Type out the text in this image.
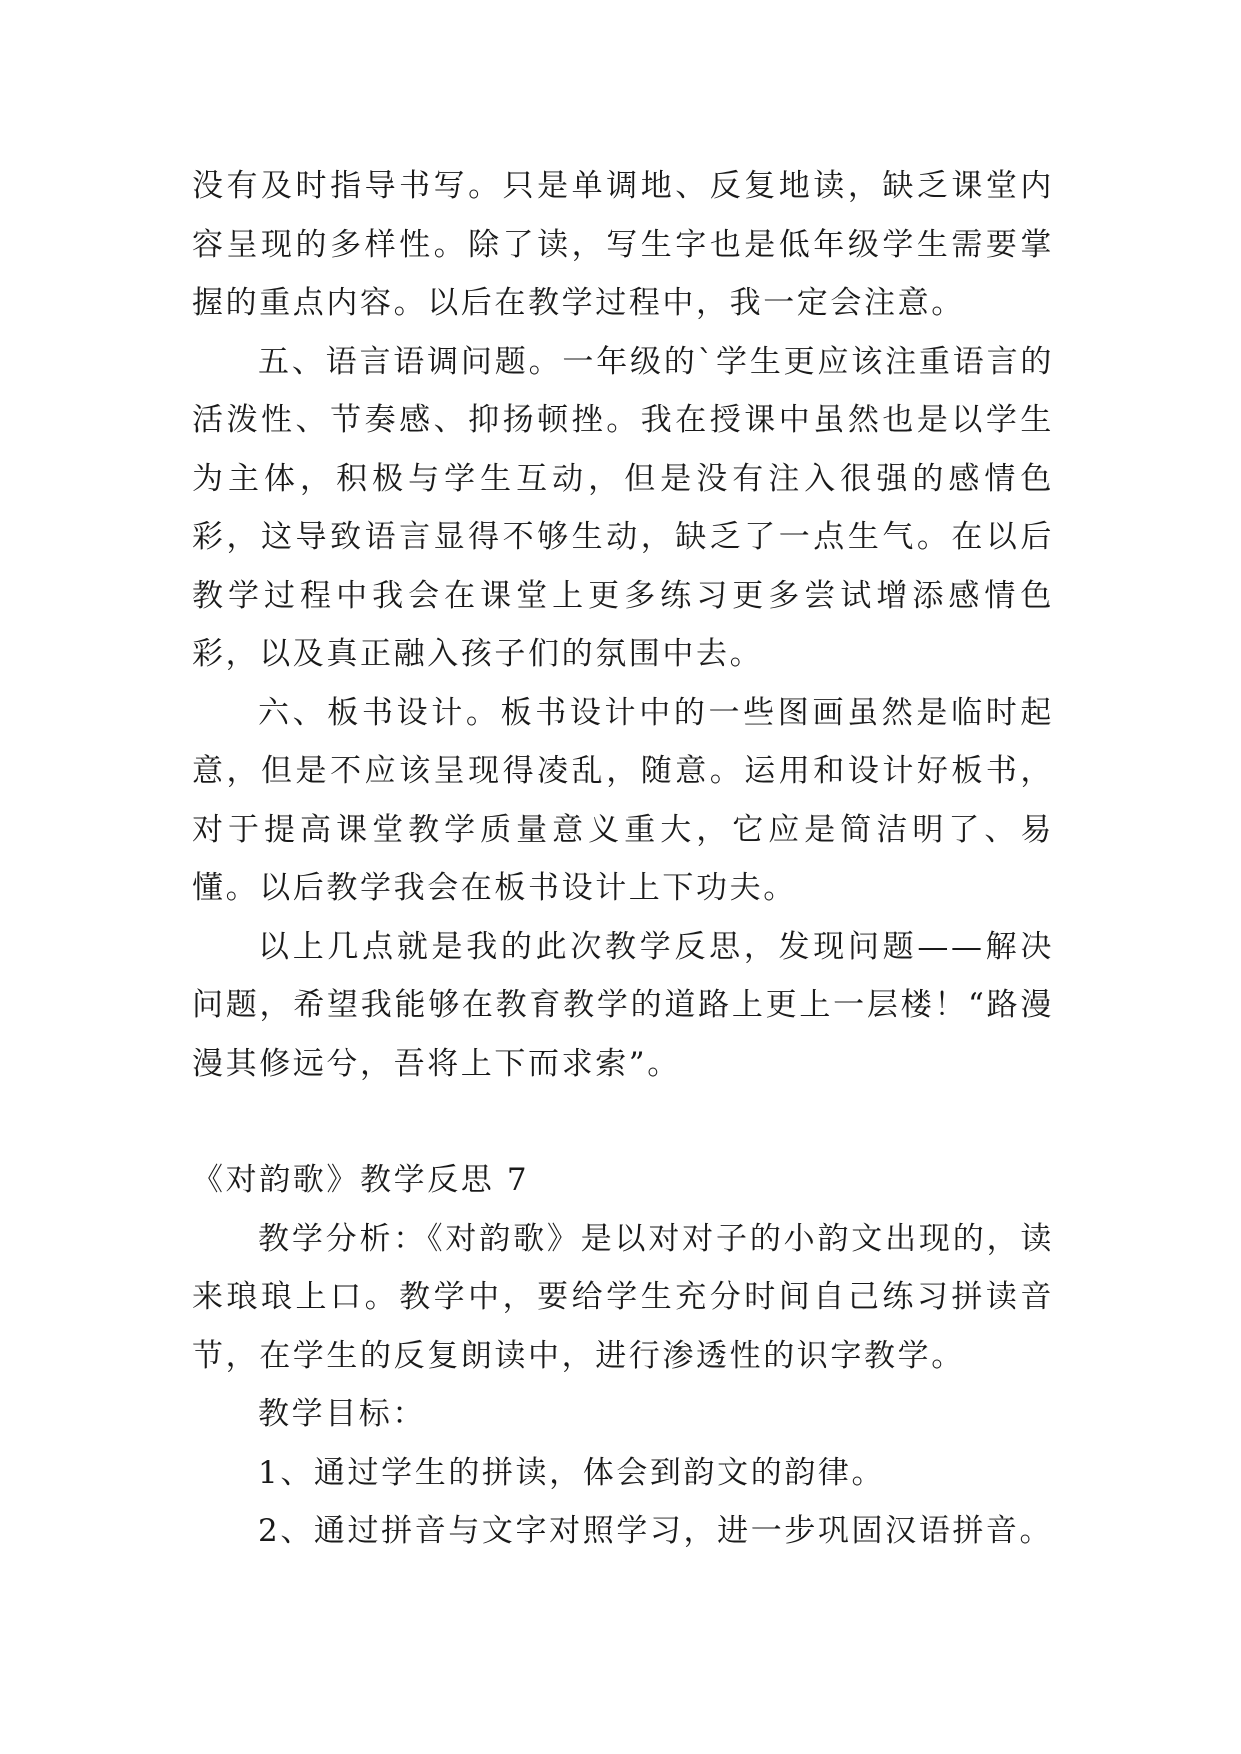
没有及时指导书写。只是单调地、反复地读，缺乏课堂内容呈现的多样性。除了读，写生字也是低年级学生需要掌握的重点内容。以后在教学过程中，我一定会注意。

五、语言语调问题。一年级的`学生更应该注重语言的活泼性、节奏感、抑扬顿挫。我在授课中虽然也是以学生为主体，积极与学生互动，但是没有注入很强的感情色彩，这导致语言显得不够生动，缺乏了一点生气。在以后教学过程中我会在课堂上更多练习更多尝试增添感情色彩，以及真正融入孩子们的氛围中去。

六、板书设计。板书设计中的一些图画虽然是临时起意，但是不应该呈现得凌乱，随意。运用和设计好板书，对于提高课堂教学质量意义重大，它应是简洁明了、易懂。以后教学我会在板书设计上下功夫。

以上几点就是我的此次教学反思，发现问题——解决问题，希望我能够在教育教学的道路上更上一层楼！“路漫漫其修远兮，吾将上下而求索”。

《对韵歌》教学反思 7

教学分析：《对韵歌》是以对对子的小韵文出现的，读来琅琅上口。教学中，要给学生充分时间自己练习拼读音节，在学生的反复朗读中，进行渗透性的识字教学。

教学目标：

1、通过学生的拼读，体会到韵文的韵律。

2、通过拼音与文字对照学习，进一步巩固汉语拼音。
